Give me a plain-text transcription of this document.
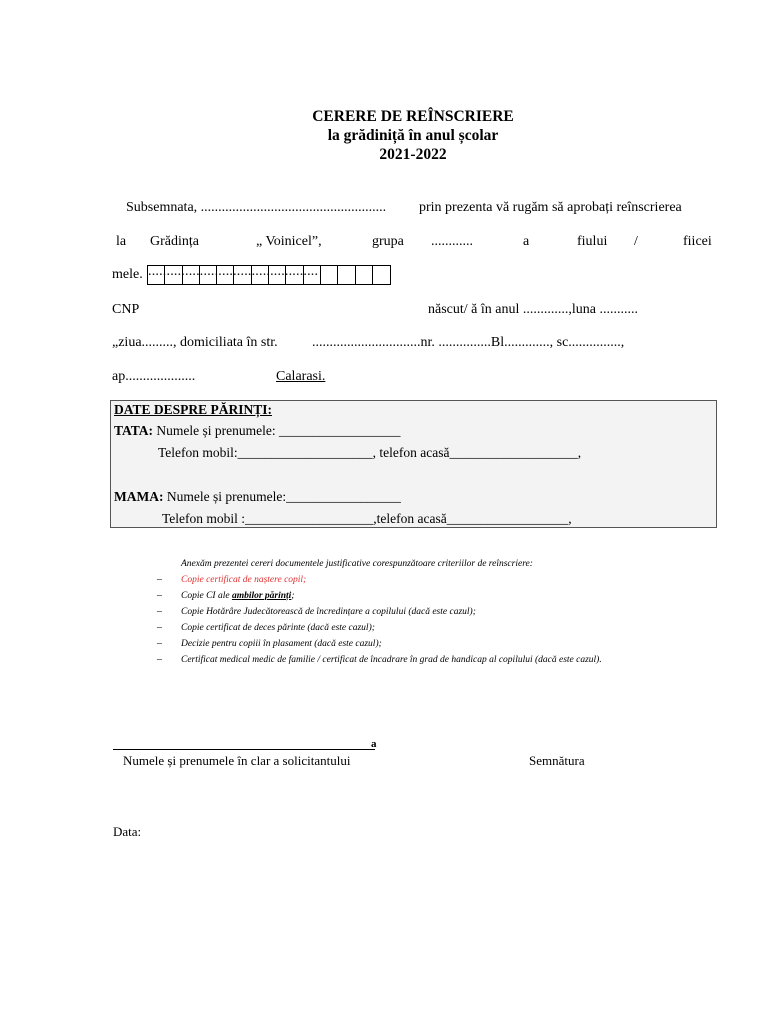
CERERE DE REÎNSCRIERE
la grădiniță în anul școlar
2021-2022
Subsemnata, ..................................................... prin prezenta vă rugăm să aprobați reînscrierea
la Grădința	„ Voinicel”,	grupa ............	a	fiului /	fiicei
mele. ..............................................
CNP	născut/ ă în anul .............,luna ...........
„ziua........., domiciliata în str. ...............................nr. ...............Bl............., sc...............,
ap....................	Calarasi.
DATE DESPRE PĂRINȚI:
TATA: Numele și prenumele: __________________
Telefon mobil:____________________, telefon acasă___________________,
MAMA: Numele și prenumele:_________________
Telefon mobil :___________________,telefon acasă__________________,
Anexăm prezentei cereri documentele justificative corespunzătoare criteriilor de reînscriere:
– Copie certificat de naștere copil;
– Copie CI ale ambilor părinți;
– Copie Hotărâre Judecătorească de încredințare a copilului (dacă este cazul);
– Copie certificat de deces părinte (dacă este cazul);
– Decizie pentru copiii în plasament (dacă este cazul);
– Certificat medical medic de familie / certificat de încadrare în grad de handicap al copilului (dacă este cazul).
a
Numele și prenumele în clar a solicitantului	Semnătura
Data:
